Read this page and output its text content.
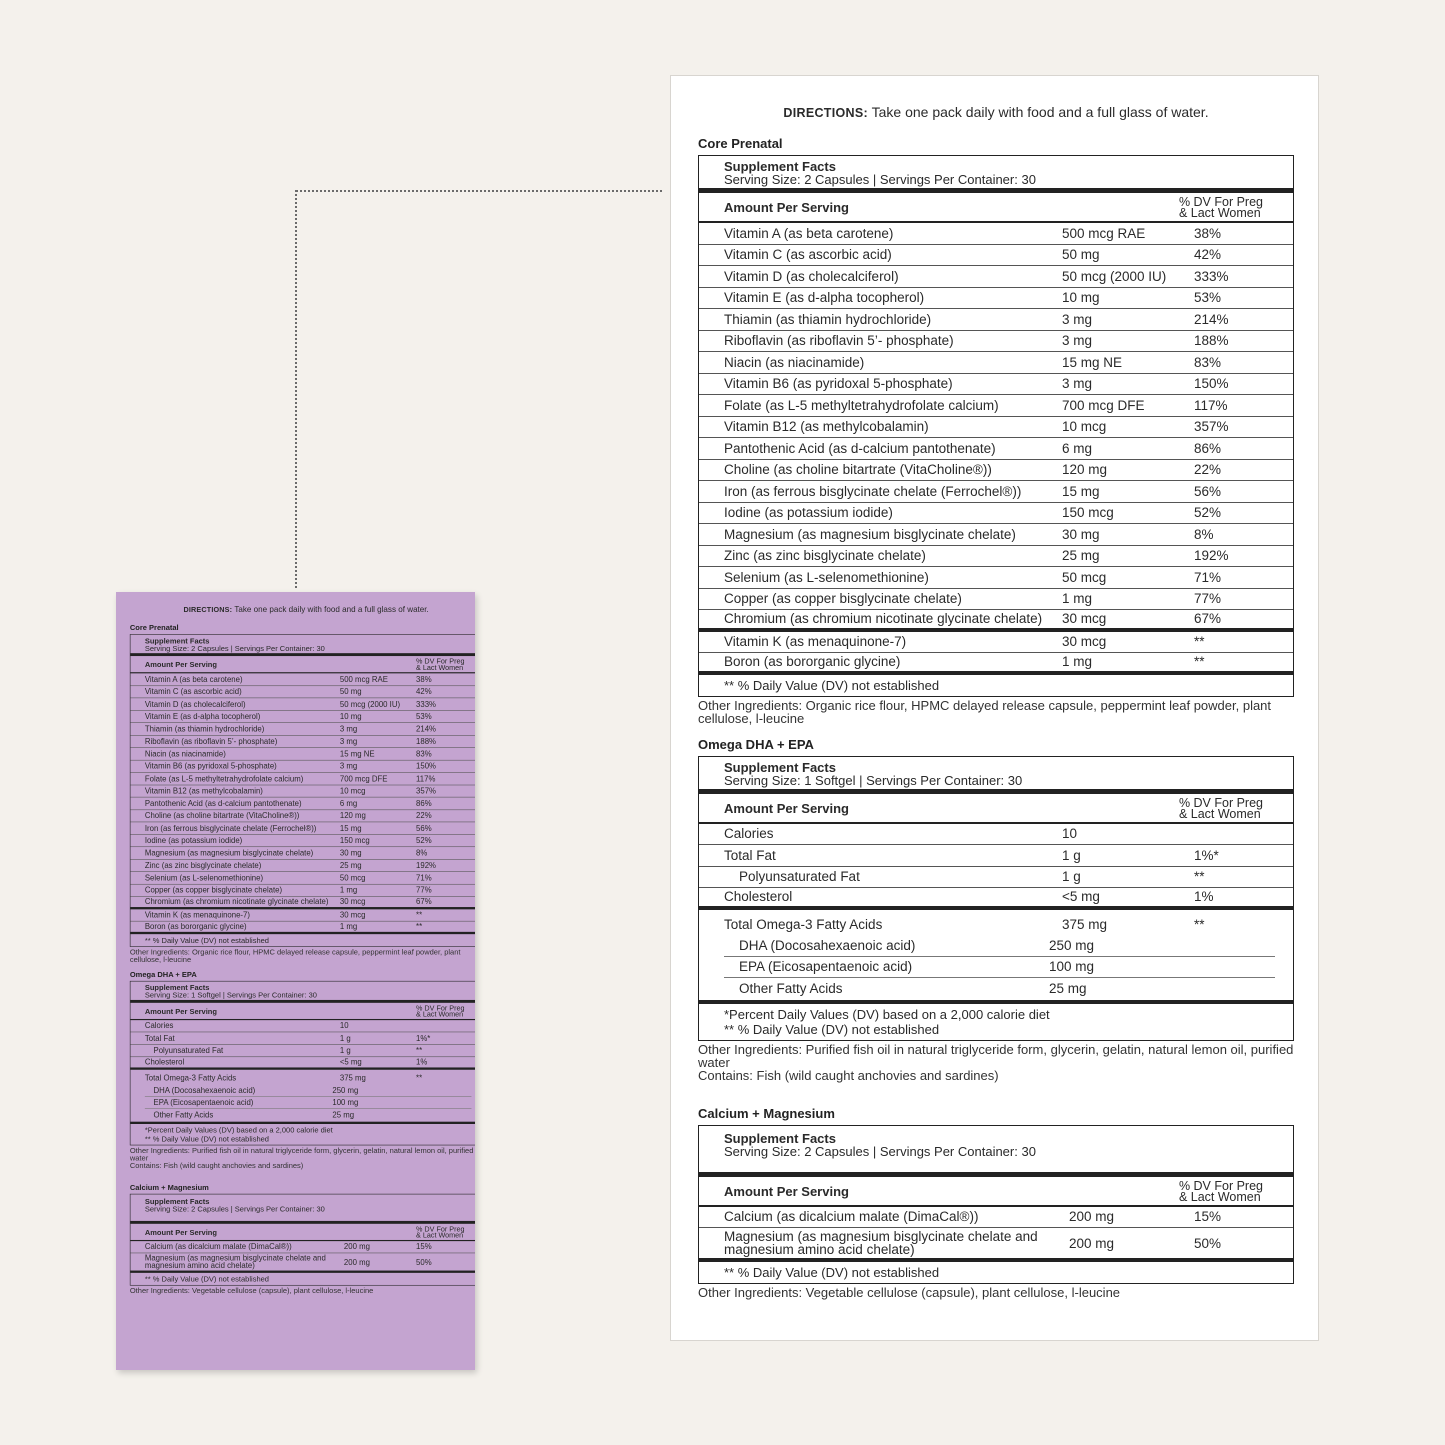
DIRECTIONS: Take one pack daily with food and a full glass of water.
Core Prenatal
Supplement Facts
Serving Size: 2 Capsules | Servings Per Container: 30
Amount Per Serving	% DV For Preg
& Lact Women
Vitamin A (as beta carotene)	500 mcg RAE	38%
Vitamin C (as ascorbic acid)	50 mg	42%
Vitamin D (as cholecalciferol)	50 mcg (2000 IU)	333%
Vitamin E (as d-alpha tocopherol)	10 mg	53%
Thiamin (as thiamin hydrochloride)	3 mg	214%
Riboflavin (as riboflavin 5’- phosphate)	3 mg	188%
Niacin (as niacinamide)	15 mg NE	83%
Vitamin B6 (as pyridoxal 5-phosphate)	3 mg	150%
Folate (as L-5 methyltetrahydrofolate calcium)	700 mcg DFE	117%
Vitamin B12 (as methylcobalamin)	10 mcg	357%
Pantothenic Acid (as d-calcium pantothenate)	6 mg	86%
Choline (as choline bitartrate (VitaCholine®))	120 mg	22%
Iron (as ferrous bisglycinate chelate (Ferrochel®))	15 mg	56%
Iodine (as potassium iodide)	150 mcg	52%
Magnesium (as magnesium bisglycinate chelate)	30 mg	8%
Zinc (as zinc bisglycinate chelate)	25 mg	192%
Selenium (as L-selenomethionine)	50 mcg	71%
Copper (as copper bisglycinate chelate)	1 mg	77%
Chromium (as chromium nicotinate glycinate chelate) 30 mcg	67%
Vitamin K (as menaquinone-7)	30 mcg	**
Boron (as bororganic glycine)	1 mg	**
** % Daily Value (DV) not established
Other Ingredients: Organic rice flour, HPMC delayed release capsule, peppermint leaf powder, plant cellulose, l-leucine
Omega DHA + EPA
Supplement Facts
Serving Size: 1 Softgel | Servings Per Container: 30
Amount Per Serving	% DV For Preg
& Lact Women
Calories	10
Total Fat	1 g	1%*
Polyunsaturated Fat	1 g	**
Cholesterol	<5 mg	1%
Total Omega-3 Fatty Acids	375 mg	**
DHA (Docosahexaenoic acid)	250 mg
EPA (Eicosapentaenoic acid)	100 mg
Other Fatty Acids	25 mg
*Percent Daily Values (DV) based on a 2,000 calorie diet
** % Daily Value (DV) not established
Other Ingredients: Purified fish oil in natural triglyceride form, glycerin, gelatin, natural lemon oil, purified water
Contains: Fish (wild caught anchovies and sardines)
Calcium + Magnesium
Supplement Facts
Serving Size: 2 Capsules | Servings Per Container: 30
Amount Per Serving	% DV For Preg
& Lact Women
Calcium (as dicalcium malate (DimaCal®))	200 mg	15%
Magnesium (as magnesium bisglycinate chelate and magnesium amino acid chelate)	200 mg	50%
** % Daily Value (DV) not established
Other Ingredients: Vegetable cellulose (capsule), plant cellulose, l-leucine
DIRECTIONS: Take one pack daily with food and a full glass of water.
Core Prenatal
Supplement Facts
Serving Size: 2 Capsules | Servings Per Container: 30
Amount Per Serving	% DV For Preg
& Lact Women
Vitamin A (as beta carotene)	500 mcg RAE	38%
Vitamin C (as ascorbic acid)	50 mg	42%
Vitamin D (as cholecalciferol)	50 mcg (2000 IU)	333%
Vitamin E (as d-alpha tocopherol)	10 mg	53%
Thiamin (as thiamin hydrochloride)	3 mg	214%
Riboflavin (as riboflavin 5’- phosphate)	3 mg	188%
Niacin (as niacinamide)	15 mg NE	83%
Vitamin B6 (as pyridoxal 5-phosphate)	3 mg	150%
Folate (as L-5 methyltetrahydrofolate calcium)	700 mcg DFE	117%
Vitamin B12 (as methylcobalamin)	10 mcg	357%
Pantothenic Acid (as d-calcium pantothenate)	6 mg	86%
Choline (as choline bitartrate (VitaCholine®))	120 mg	22%
Iron (as ferrous bisglycinate chelate (Ferrochel®))	15 mg	56%
Iodine (as potassium iodide)	150 mcg	52%
Magnesium (as magnesium bisglycinate chelate)	30 mg	8%
Zinc (as zinc bisglycinate chelate)	25 mg	192%
Selenium (as L-selenomethionine)	50 mcg	71%
Copper (as copper bisglycinate chelate)	1 mg	77%
Chromium (as chromium nicotinate glycinate chelate)	30 mcg	67%
Vitamin K (as menaquinone-7)	30 mcg	**
Boron (as bororganic glycine)	1 mg	**
** % Daily Value (DV) not established
Other Ingredients: Organic rice flour, HPMC delayed release capsule, peppermint leaf powder, plant cellulose, l-leucine
Omega DHA + EPA
Supplement Facts
Serving Size: 1 Softgel | Servings Per Container: 30
Amount Per Serving	% DV For Preg
& Lact Women
Calories	10
Total Fat	1 g	1%*
Polyunsaturated Fat	1 g	**
Cholesterol	<5 mg	1%
Total Omega-3 Fatty Acids	375 mg	**
DHA (Docosahexaenoic acid)	250 mg
EPA (Eicosapentaenoic acid)	100 mg
Other Fatty Acids	25 mg
*Percent Daily Values (DV) based on a 2,000 calorie diet
** % Daily Value (DV) not established
Other Ingredients: Purified fish oil in natural triglyceride form, glycerin, gelatin, natural lemon oil, purified water
Contains: Fish (wild caught anchovies and sardines)
Calcium + Magnesium
Supplement Facts
Serving Size: 2 Capsules | Servings Per Container: 30
Amount Per Serving	% DV For Preg
& Lact Women
Calcium (as dicalcium malate (DimaCal®))	200 mg	15%
Magnesium (as magnesium bisglycinate chelate and magnesium amino acid chelate)	200 mg	50%
** % Daily Value (DV) not established
Other Ingredients: Vegetable cellulose (capsule), plant cellulose, l-leucine
